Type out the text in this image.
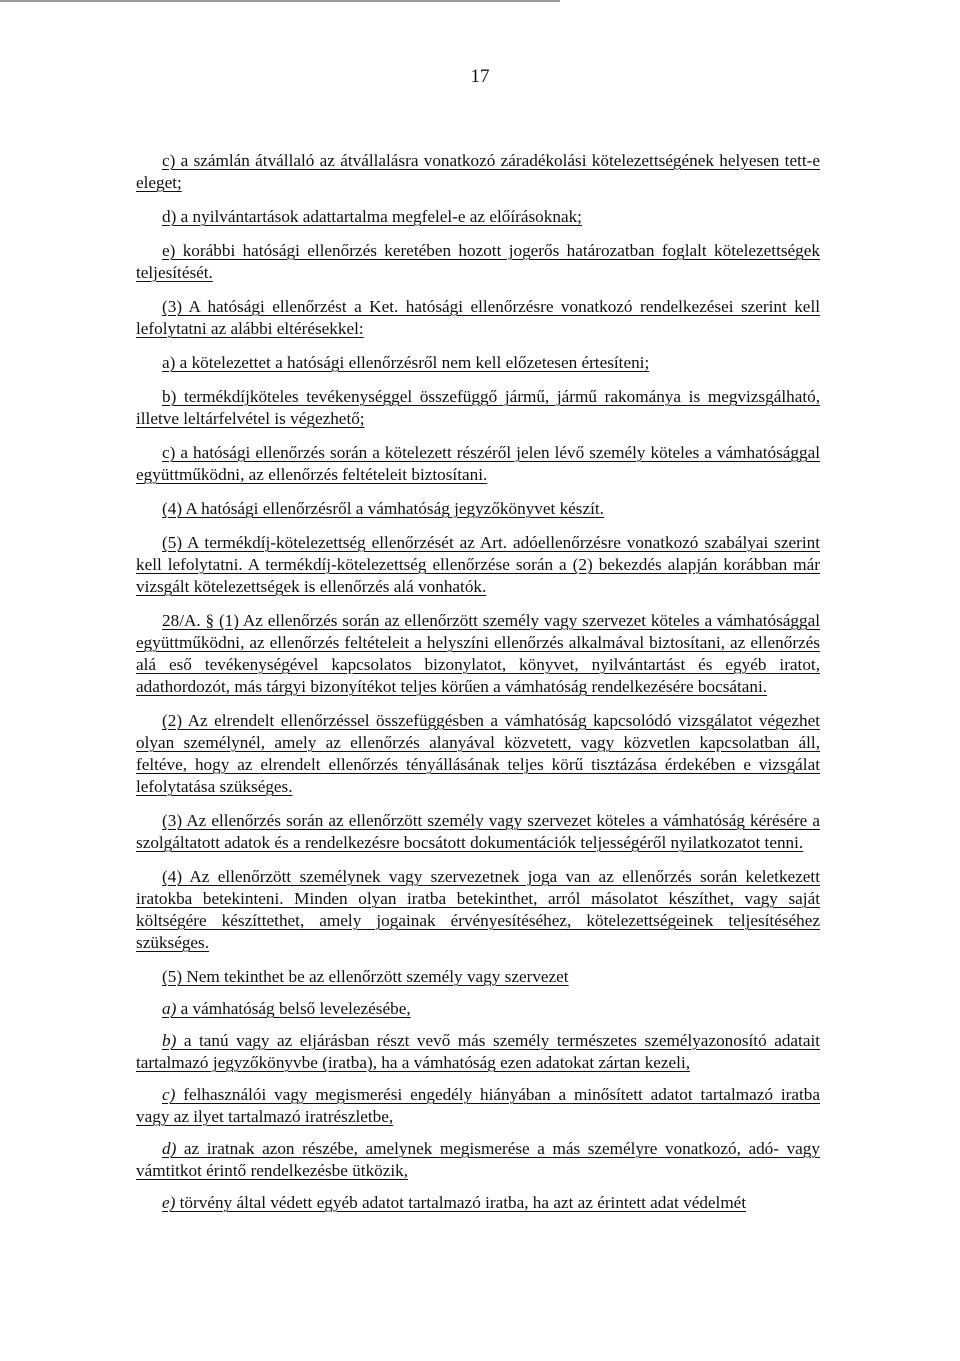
17

c) a számlán átvállaló az átvállalásra vonatkozó záradékolási kötelezettségének helyesen tett-e eleget;

d) a nyilvántartások adattartalma megfelel-e az előírásoknak;

e) korábbi hatósági ellenőrzés keretében hozott jogerős határozatban foglalt kötelezettségek teljesítését.

(3) A hatósági ellenőrzést a Ket. hatósági ellenőrzésre vonatkozó rendelkezései szerint kell lefolytatni az alábbi eltérésekkel:

a) a kötelezettet a hatósági ellenőrzésről nem kell előzetesen értesíteni;

b) termékdíjköteles tevékenységgel összefüggő jármű, jármű rakománya is megvizsgálható, illetve leltárfelvétel is végezhető;

c) a hatósági ellenőrzés során a kötelezett részéről jelen lévő személy köteles a vámhatósággal együttműködni, az ellenőrzés feltételeit biztosítani.

(4) A hatósági ellenőrzésről a vámhatóság jegyzőkönyvet készít.

(5) A termékdíj-kötelezettség ellenőrzését az Art. adóellenőrzésre vonatkozó szabályai szerint kell lefolytatni. A termékdíj-kötelezettség ellenőrzése során a (2) bekezdés alapján korábban már vizsgált kötelezettségek is ellenőrzés alá vonhatók.

28/A. § (1) Az ellenőrzés során az ellenőrzött személy vagy szervezet köteles a vámhatósággal együttműködni, az ellenőrzés feltételeit a helyszíni ellenőrzés alkalmával biztosítani, az ellenőrzés alá eső tevékenységével kapcsolatos bizonylatot, könyvet, nyilvántartást és egyéb iratot, adathordozót, más tárgyi bizonyítékot teljes körűen a vámhatóság rendelkezésére bocsátani.

(2) Az elrendelt ellenőrzéssel összefüggésben a vámhatóság kapcsolódó vizsgálatot végezhet olyan személynél, amely az ellenőrzés alanyával közvetett, vagy közvetlen kapcsolatban áll, feltéve, hogy az elrendelt ellenőrzés tényállásának teljes körű tisztázása érdekében e vizsgálat lefolytatása szükséges.

(3) Az ellenőrzés során az ellenőrzött személy vagy szervezet köteles a vámhatóság kérésére a szolgáltatott adatok és a rendelkezésre bocsátott dokumentációk teljességéről nyilatkozatot tenni.

(4) Az ellenőrzött személynek vagy szervezetnek joga van az ellenőrzés során keletkezett iratokba betekinteni. Minden olyan iratba betekinthet, arról másolatot készíthet, vagy saját költségére készíttethet, amely jogainak érvényesítéséhez, kötelezettségeinek teljesítéséhez szükséges.

(5) Nem tekinthet be az ellenőrzött személy vagy szervezet

a) a vámhatóság belső levelezésébe,

b) a tanú vagy az eljárásban részt vevő más személy természetes személyazonosító adatait tartalmazó jegyzőkönyvbe (iratba), ha a vámhatóság ezen adatokat zártan kezeli,

c) felhasználói vagy megismerési engedély hiányában a minősített adatot tartalmazó iratba vagy az ilyet tartalmazó iratrészletbe,

d) az iratnak azon részébe, amelynek megismerése a más személyre vonatkozó, adó- vagy vámtitkot érintő rendelkezésbe ütközik,

e) törvény által védett egyéb adatot tartalmazó iratba, ha azt az érintett adat védelmét
